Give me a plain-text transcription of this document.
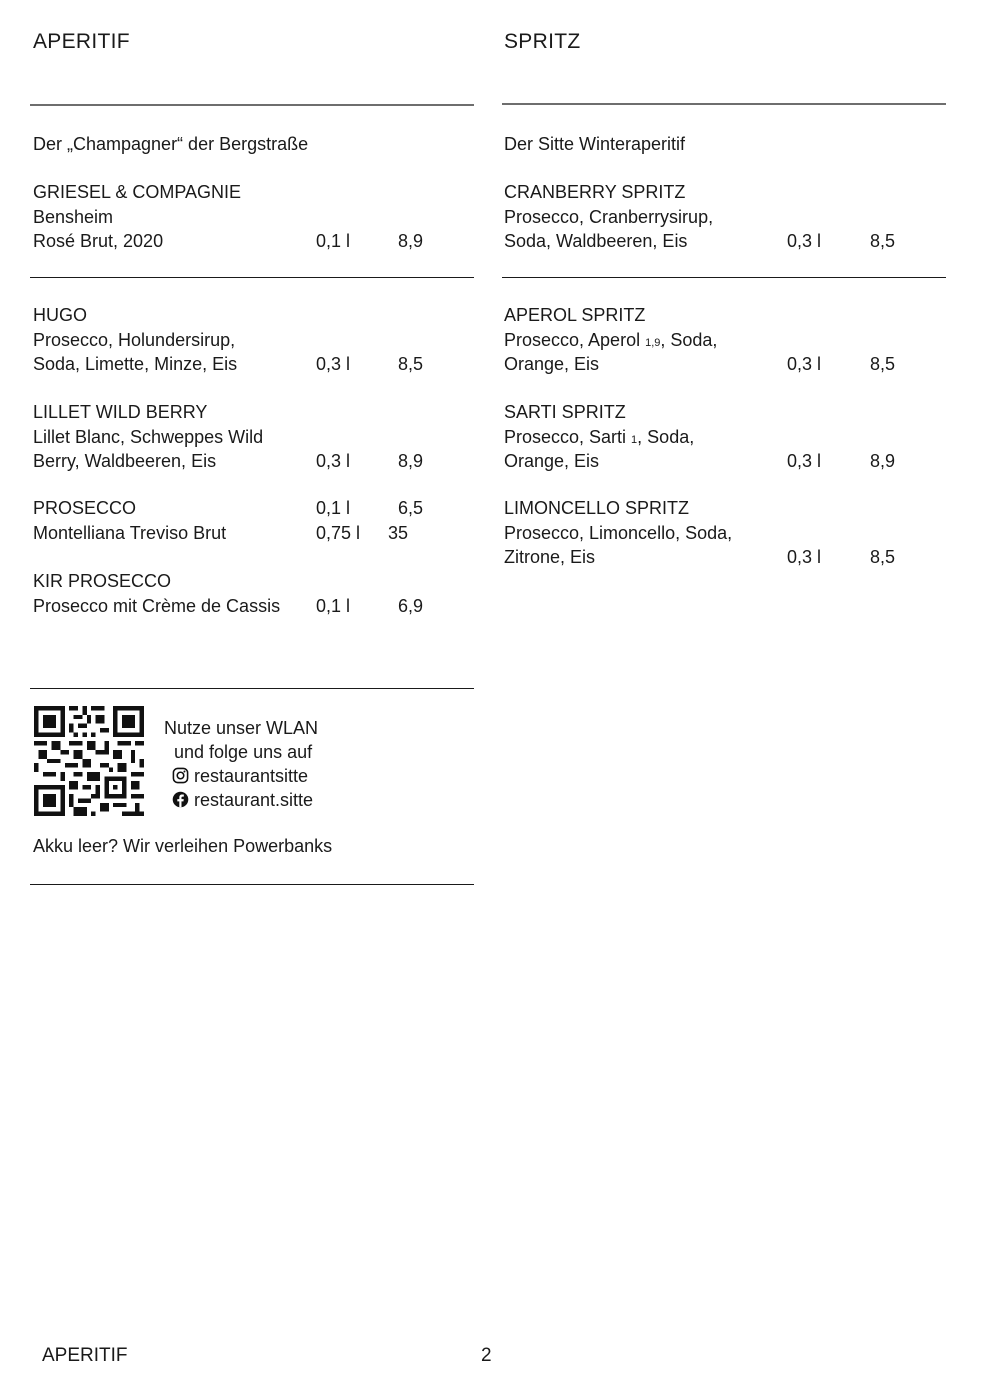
APERITIF	SPRITZ
Der „Champagner“ der Bergstraße
GRIESEL & COMPAGNIE
Bensheim
Rosé Brut, 2020	0,1 l	8,9
HUGO
Prosecco, Holundersirup,
Soda, Limette, Minze, Eis	0,3 l	8,5
LILLET WILD BERRY
Lillet Blanc, Schweppes Wild
Berry, Waldbeeren, Eis	0,3 l	8,9
PROSECCO	0,1 l	6,5
Montelliana Treviso Brut	0,75 l 35
KIR PROSECCO
Prosecco mit Crème de Cassis 0,1 l	6,9
Der Sitte Winteraperitif
CRANBERRY SPRITZ
Prosecco, Cranberrysirup,
Soda, Waldbeeren, Eis	0,3 l	8,5
APEROL SPRITZ
Prosecco, Aperol 1,9, Soda,
Orange, Eis	0,3 l	8,5
SARTI SPRITZ
Prosecco, Sarti 1, Soda,
Orange, Eis	0,3 l	8,9
LIMONCELLO SPRITZ
Prosecco, Limoncello, Soda,
Zitrone, Eis	0,3 l	8,5
Nutze unser WLAN
und folge uns auf
restaurantsitte
restaurant.sitte
Akku leer? Wir verleihen Powerbanks
APERITIF	2
